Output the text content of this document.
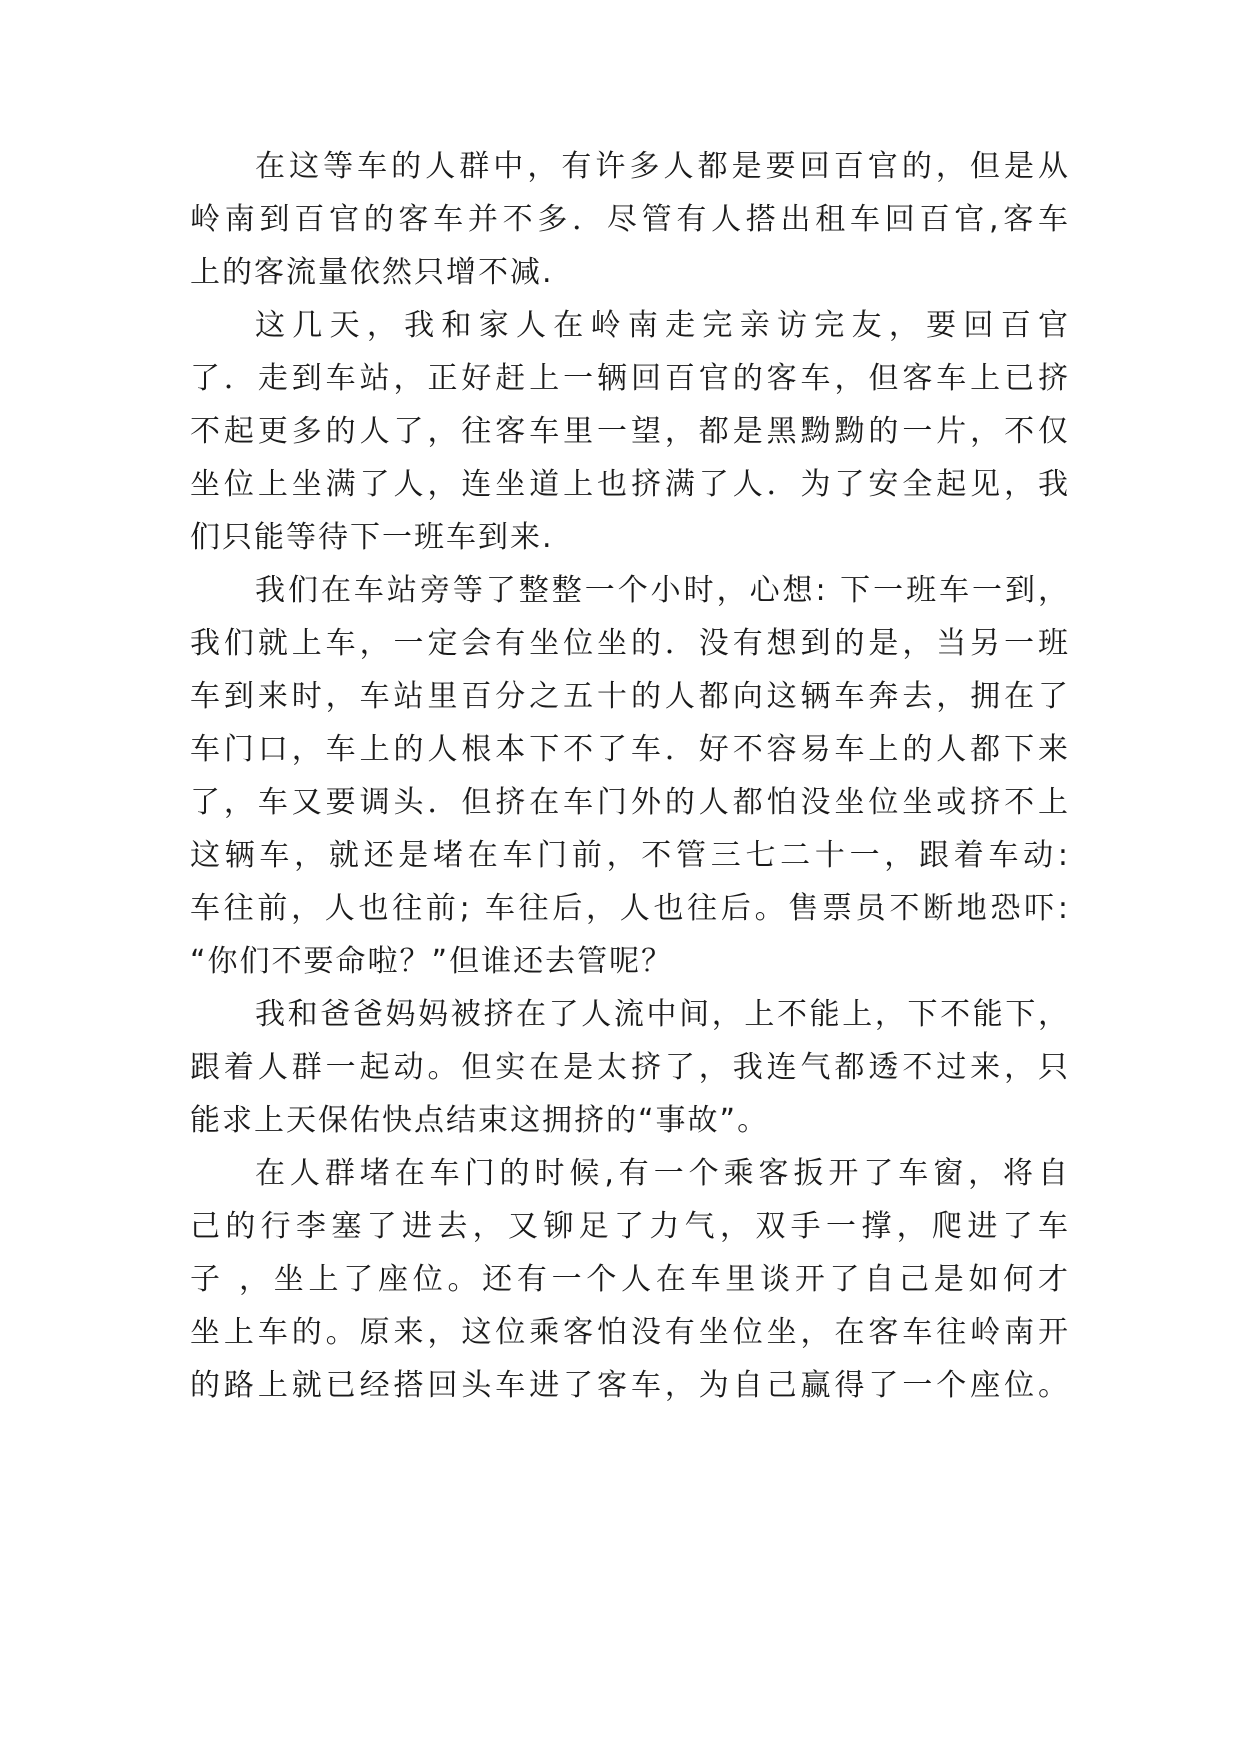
在这等车的人群中，有许多人都是要回百官的，但是从

岭南到百官的客车并不多．尽管有人搭出租车回百官,客车

上的客流量依然只增不减.

这几天，我和家人在岭南走完亲访完友，要回百官

了．走到车站，正好赶上一辆回百官的客车，但客车上已挤

不起更多的人了，往客车里一望，都是黑黝黝的一片，不仅

坐位上坐满了人，连坐道上也挤满了人．为了安全起见，我

们只能等待下一班车到来.

我们在车站旁等了整整一个小时，心想: 下一班车一到，

我们就上车，一定会有坐位坐的．没有想到的是，当另一班

车到来时，车站里百分之五十的人都向这辆车奔去，拥在了

车门口，车上的人根本下不了车．好不容易车上的人都下来

了，车又要调头．但挤在车门外的人都怕没坐位坐或挤不上

这辆车，就还是堵在车门前，不管三七二十一，跟着车动:

车往前，人也往前; 车往后，人也往后。售票员不断地恐吓:

“你们不要命啦？”但谁还去管呢？

我和爸爸妈妈被挤在了人流中间，上不能上，下不能下，

跟着人群一起动。但实在是太挤了，我连气都透不过来，只

能求上天保佑快点结束这拥挤的“事故”。

在人群堵在车门的时候,有一个乘客扳开了车窗，将自

己的行李塞了进去，又铆足了力气，双手一撑，爬进了车

子 ，坐上了座位。还有一个人在车里谈开了自己是如何才

坐上车的。原来，这位乘客怕没有坐位坐，在客车往岭南开

的路上就已经搭回头车进了客车，为自己赢得了一个座位。
